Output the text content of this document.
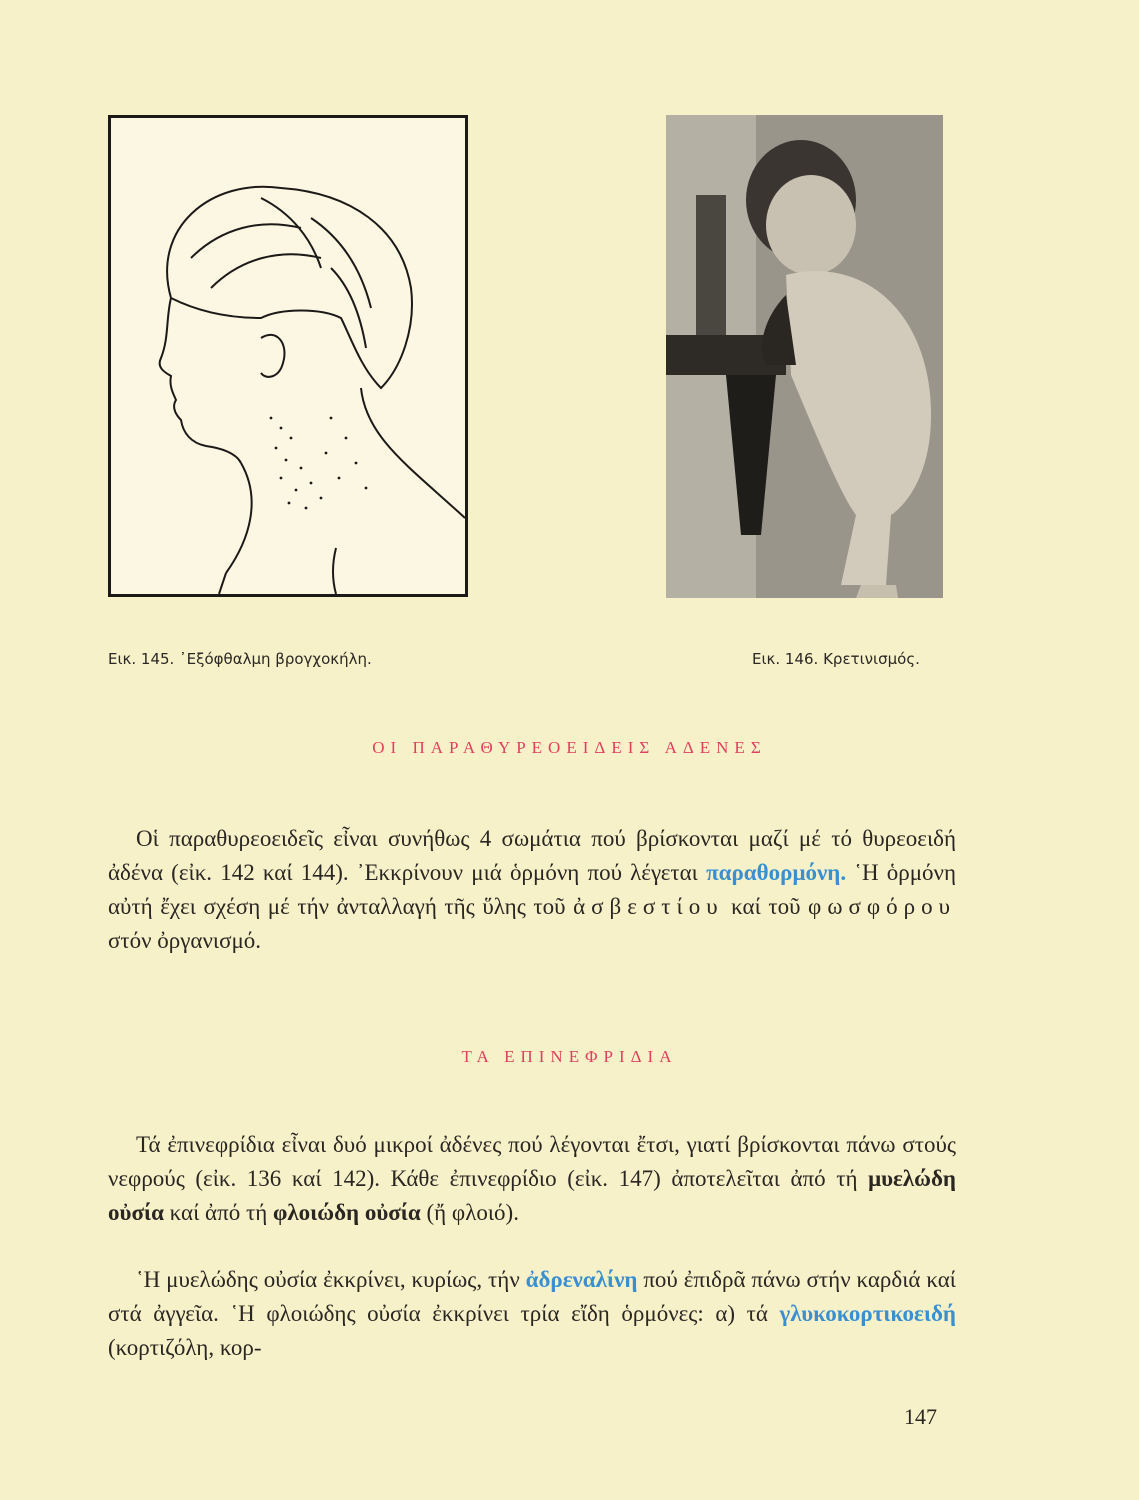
Εικ. 145. ᾿Εξόφθαλμη βρογχοκήλη.	Εικ. 146. Κρετινισμός.
ΟΙ ΠΑΡΑΘΥΡΕΟΕΙΔΕΙΣ ΑΔΕΝΕΣ
Οἱ παραθυρεοειδεῖς εἶναι συνήθως 4 σωμάτια πού βρίσκονται μαζί μέ τό θυρεοειδή ἀδένα (εἰκ. 142 καί 144). ᾿Εκκρίνουν μιά ὁρμόνη πού λέγεται παραθορμόνη. ῾Η ὁρμόνη αὐτή ἔχει σχέση μέ τήν ἀνταλλαγή τῆς ὕλης τοῦ ἀσβεστίου καί τοῦ φωσφόρου στόν ὀργανισμό.
ΤΑ ΕΠΙΝΕΦΡΙΔΙΑ
Τά ἐπινεφρίδια εἶναι δυό μικροί ἀδένες πού λέγονται ἔτσι, γιατί βρίσκονται πάνω στούς νεφρούς (εἰκ. 136 καί 142). Κάθε ἐπινεφρίδιο (εἰκ. 147) ἀποτελεῖται ἀπό τή μυελώδη οὐσία καί ἀπό τή φλοιώδη οὐσία (ἤ φλοιό).
῾Η μυελώδης οὐσία ἐκκρίνει, κυρίως, τήν ἀδρεναλίνη πού ἐπιδρᾶ πάνω στήν καρδιά καί στά ἀγγεῖα. ῾Η φλοιώδης οὐσία ἐκκρίνει τρία εἴδη ὁρμόνες: α) τά γλυκοκορτικοειδή (κορτιζόλη, κορ-
147
